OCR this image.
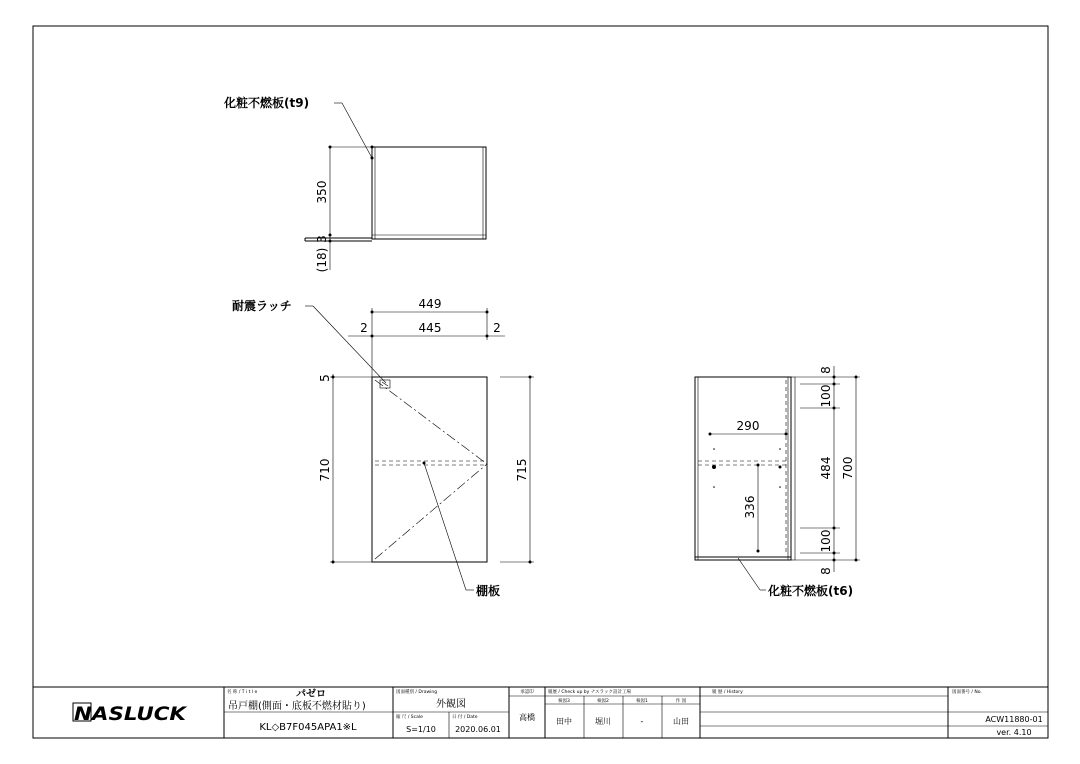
350
3
(18)
化粧不燃板(t9)
449
445
2	2
5
710	715
耐震ラッチ
棚板
290
336
8
100
484
100
8
700
化粧不燃板(t6)
NASLUCK
名 称 / T i t l e	パゼロ
吊戸棚(側面・底板不燃材貼り)
KL◇B7F045APA1※L
図面種別 / Drawing
外観図
縮 尺 / Scale
S=1/10
日 付 / Date
2020.06.01
承認印
高橋
履歴 / Check up by ナスラック設計工場
検図3	検図2	検図1	作 図
田中	堀川	-	山田
履 歴 / History	図面番号 / No.
ACW11880-01
ver. 4.10
